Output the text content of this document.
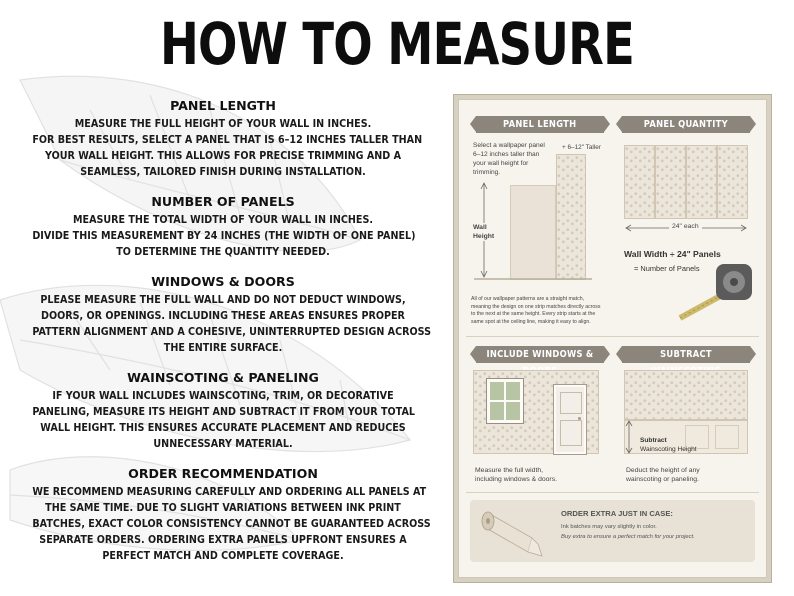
HOW TO MEASURE
PANEL LENGTH

MEASURE THE FULL HEIGHT OF YOUR WALL IN INCHES.

FOR BEST RESULTS, SELECT A PANEL THAT IS 6–12 INCHES TALLER THAN

YOUR WALL HEIGHT. THIS ALLOWS FOR PRECISE TRIMMING AND A

SEAMLESS, TAILORED FINISH DURING INSTALLATION.

NUMBER OF PANELS

MEASURE THE TOTAL WIDTH OF YOUR WALL IN INCHES.

DIVIDE THIS MEASUREMENT BY 24 INCHES (THE WIDTH OF ONE PANEL)

TO DETERMINE THE QUANTITY NEEDED.

WINDOWS & DOORS

PLEASE MEASURE THE FULL WALL AND DO NOT DEDUCT WINDOWS,

DOORS, OR OPENINGS. INCLUDING THESE AREAS ENSURES PROPER

PATTERN ALIGNMENT AND A COHESIVE, UNINTERRUPTED DESIGN ACROSS

THE ENTIRE SURFACE.

WAINSCOTING & PANELING

IF YOUR WALL INCLUDES WAINSCOTING, TRIM, OR DECORATIVE

PANELING, MEASURE ITS HEIGHT AND SUBTRACT IT FROM YOUR TOTAL

WALL HEIGHT. THIS ENSURES ACCURATE PLACEMENT AND REDUCES

UNNECESSARY MATERIAL.

ORDER RECOMMENDATION

WE RECOMMEND MEASURING CAREFULLY AND ORDERING ALL PANELS AT

THE SAME TIME. DUE TO SLIGHT VARIATIONS BETWEEN INK PRINT

BATCHES, EXACT COLOR CONSISTENCY CANNOT BE GUARANTEED ACROSS

SEPARATE ORDERS. ORDERING EXTRA PANELS UPFRONT ENSURES A

PERFECT MATCH AND COMPLETE COVERAGE.

PANEL LENGTH	PANEL QUANTITY
INCLUDE WINDOWS &	SUBTRACT
Select a wallpaper panel
6–12 inches taller than
your wall height for
trimming.
+ 6–12" Taller
Wall
Height
All of our wallpaper patterns are a straight match,
meaning the design on one strip matches directly across
to the next at the same height. Every strip starts at the
same spot at the ceiling line, making it easy to align.
24" each
Wall Width ÷ 24" Panels
= Number of Panels
Measure the full width,
including windows & doors.
Subtract
Wainscoting Height
Deduct the height of any
wainscoting or paneling.
ORDER EXTRA JUST IN CASE:
Ink batches may vary slightly in color.
Buy extra to ensure a perfect match for your project.
